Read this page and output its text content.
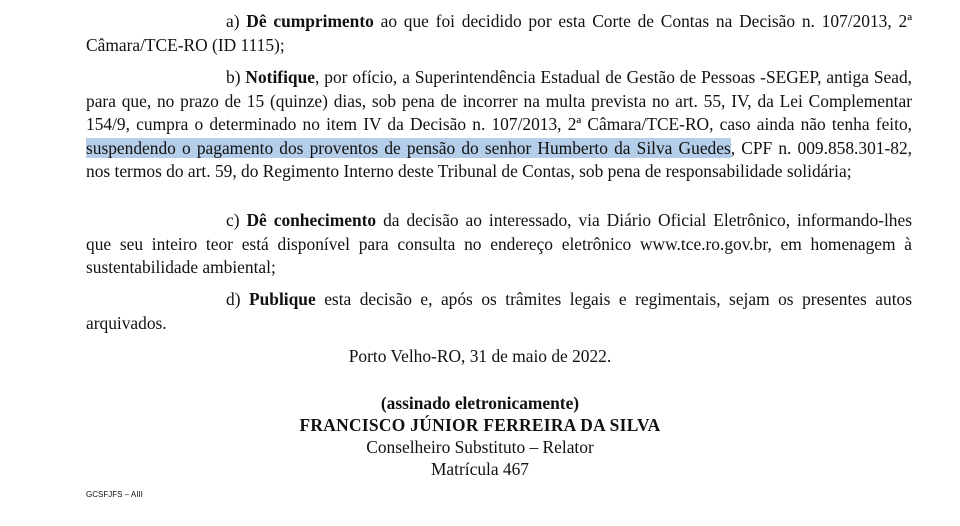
a) Dê cumprimento ao que foi decidido por esta Corte de Contas na Decisão n. 107/2013, 2ª Câmara/TCE-RO (ID 1115);

b) Notifique, por ofício, a Superintendência Estadual de Gestão de Pessoas -SEGEP, antiga Sead, para que, no prazo de 15 (quinze) dias, sob pena de incorrer na multa prevista no art. 55, IV, da Lei Complementar 154/9, cumpra o determinado no item IV da Decisão n. 107/2013, 2ª Câmara/TCE-RO, caso ainda não tenha feito, suspendendo o pagamento dos proventos de pensão do senhor Humberto da Silva Guedes, CPF n. 009.858.301-82, nos termos do art. 59, do Regimento Interno deste Tribunal de Contas, sob pena de responsabilidade solidária;

c) Dê conhecimento da decisão ao interessado, via Diário Oficial Eletrônico, informando-lhes que seu inteiro teor está disponível para consulta no endereço eletrônico www.tce.ro.gov.br, em homenagem à sustentabilidade ambiental;

d) Publique esta decisão e, após os trâmites legais e regimentais, sejam os presentes autos arquivados.

Porto Velho-RO, 31 de maio de 2022.

(assinado eletronicamente)

FRANCISCO JÚNIOR FERREIRA DA SILVA

Conselheiro Substituto – Relator

Matrícula 467

GCSFJFS – AIII
